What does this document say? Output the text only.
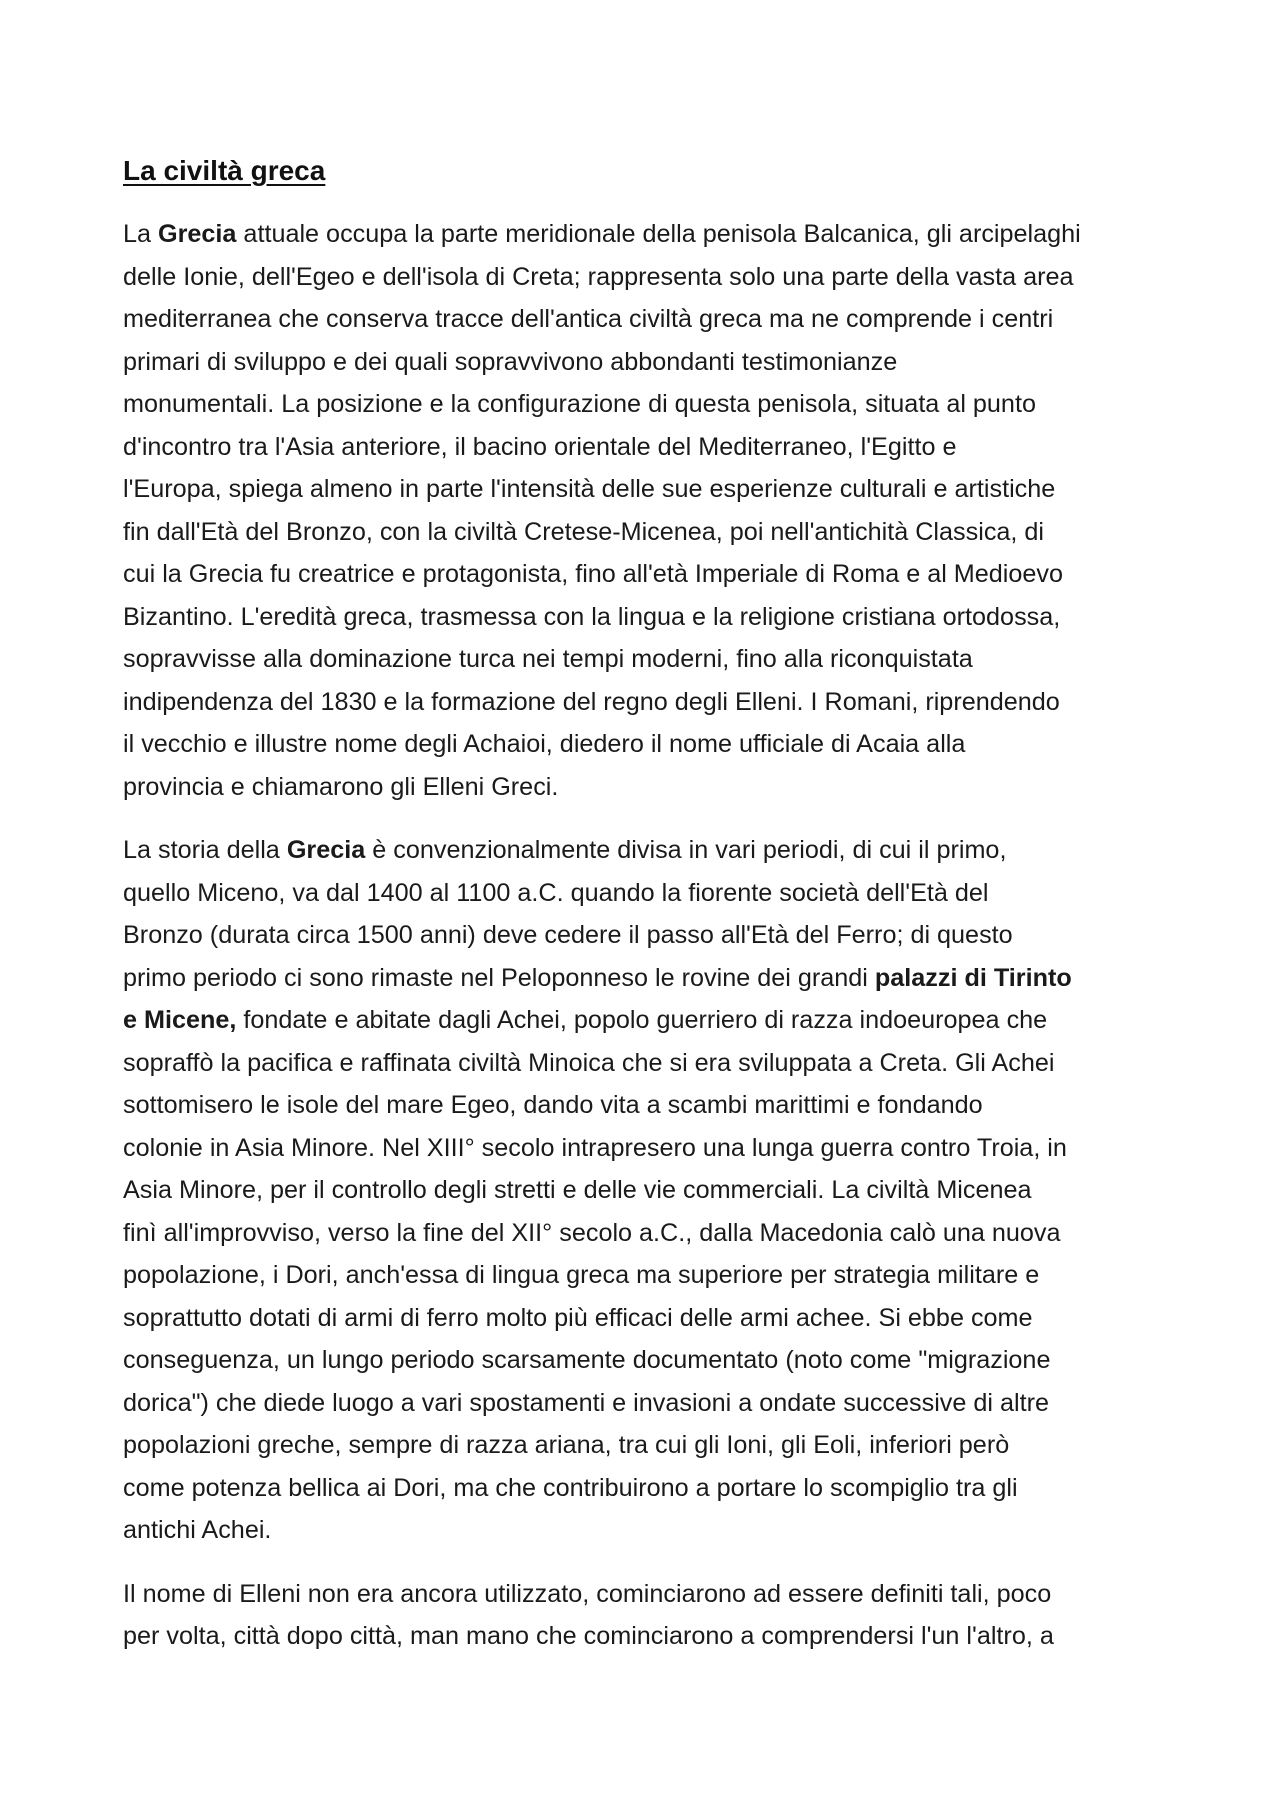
La civiltà greca
La Grecia attuale occupa la parte meridionale della penisola Balcanica, gli arcipelaghi
delle Ionie, dell'Egeo e dell'isola di Creta; rappresenta solo una parte della vasta area
mediterranea che conserva tracce dell'antica civiltà greca ma ne comprende i centri
primari di sviluppo e dei quali sopravvivono abbondanti testimonianze
monumentali. La posizione e la configurazione di questa penisola, situata al punto
d'incontro tra l'Asia anteriore, il bacino orientale del Mediterraneo, l'Egitto e
l'Europa, spiega almeno in parte l'intensità delle sue esperienze culturali e artistiche
fin dall'Età del Bronzo, con la civiltà Cretese-Micenea, poi nell'antichità Classica, di
cui la Grecia fu creatrice e protagonista, fino all'età Imperiale di Roma e al Medioevo
Bizantino. L'eredità greca, trasmessa con la lingua e la religione cristiana ortodossa,
sopravvisse alla dominazione turca nei tempi moderni, fino alla riconquistata
indipendenza del 1830 e la formazione del regno degli Elleni. I Romani, riprendendo
il vecchio e illustre nome degli Achaioi, diedero il nome ufficiale di Acaia alla
provincia e chiamarono gli Elleni Greci.
La storia della Grecia è convenzionalmente divisa in vari periodi, di cui il primo,
quello Miceno, va dal 1400 al 1100 a.C. quando la fiorente società dell'Età del
Bronzo (durata circa 1500 anni) deve cedere il passo all'Età del Ferro; di questo
primo periodo ci sono rimaste nel Peloponneso le rovine dei grandi palazzi di Tirinto
e Micene, fondate e abitate dagli Achei, popolo guerriero di razza indoeuropea che
sopraffò la pacifica e raffinata civiltà Minoica che si era sviluppata a Creta. Gli Achei
sottomisero le isole del mare Egeo, dando vita a scambi marittimi e fondando
colonie in Asia Minore. Nel XIII° secolo intrapresero una lunga guerra contro Troia, in
Asia Minore, per il controllo degli stretti e delle vie commerciali. La civiltà Micenea
finì all'improvviso, verso la fine del XII° secolo a.C., dalla Macedonia calò una nuova
popolazione, i Dori, anch'essa di lingua greca ma superiore per strategia militare e
soprattutto dotati di armi di ferro molto più efficaci delle armi achee. Si ebbe come
conseguenza, un lungo periodo scarsamente documentato (noto come "migrazione
dorica") che diede luogo a vari spostamenti e invasioni a ondate successive di altre
popolazioni greche, sempre di razza ariana, tra cui gli Ioni, gli Eoli, inferiori però
come potenza bellica ai Dori, ma che contribuirono a portare lo scompiglio tra gli
antichi Achei.
Il nome di Elleni non era ancora utilizzato, cominciarono ad essere definiti tali, poco
per volta, città dopo città, man mano che cominciarono a comprendersi l'un l'altro, a
